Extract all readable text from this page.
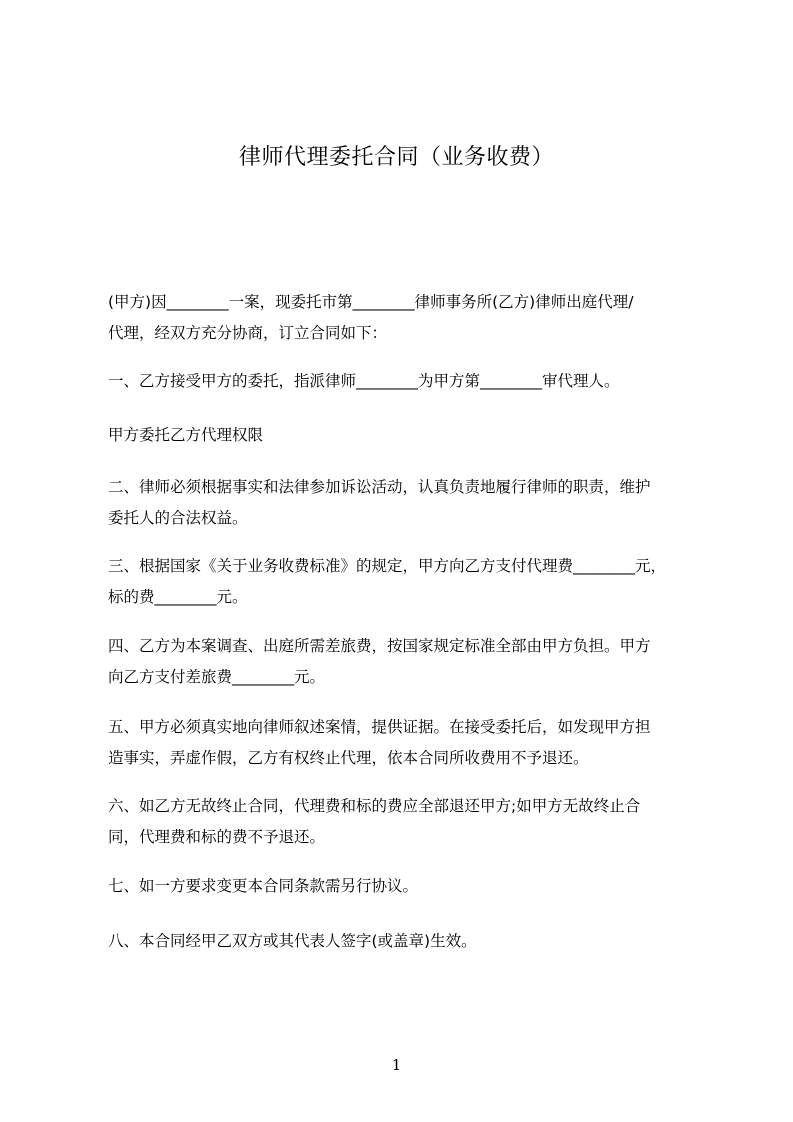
律师代理委托合同（业务收费）
(甲方)因________一案，现委托市第________律师事务所(乙方)律师出庭代理/
代理，经双方充分协商，订立合同如下：
一、乙方接受甲方的委托，指派律师________为甲方第________审代理人。
甲方委托乙方代理权限
二、律师必须根据事实和法律参加诉讼活动，认真负责地履行律师的职责，维护
委托人的合法权益。
三、根据国家《关于业务收费标准》的规定，甲方向乙方支付代理费________元，
标的费________元。
四、乙方为本案调查、出庭所需差旅费，按国家规定标准全部由甲方负担。甲方
向乙方支付差旅费________元。
五、甲方必须真实地向律师叙述案情，提供证据。在接受委托后，如发现甲方担
造事实，弄虚作假，乙方有权终止代理，依本合同所收费用不予退还。
六、如乙方无故终止合同，代理费和标的费应全部退还甲方;如甲方无故终止合
同，代理费和标的费不予退还。
七、如一方要求变更本合同条款需另行协议。
八、本合同经甲乙双方或其代表人签字(或盖章)生效。
1
